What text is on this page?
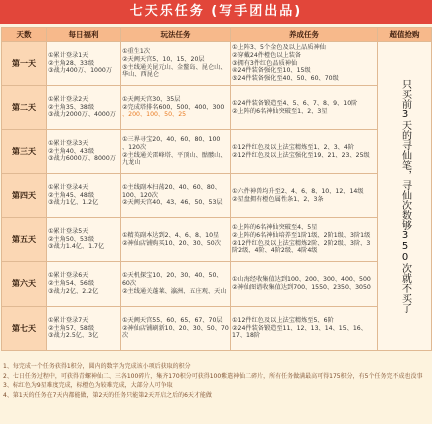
七天乐任务 (写手团出品)
天数	每日福利	玩法任务	养成任务	超值抢购
第一天	①累计登录1天
②主角28、33级
③战力400万、1000万	①重生1次
②天阙天宫5、10、15、20层
⑤主线通关昆元山、金鳌岛、昆仑山、华山、西昆仑	①上阵3、5个金色及以上品质神仙
②穿戴24件橙色以上装备
③拥有3件红色品质神仙
④24件装备强化至10、15级
⑤24件装备强化至40、50、60、70级	只买前3天的寻仙笔，寻仙次数够350次就不买了
第二天	①累计登录2天
②主角35、38级
③战力2000万、4000万	①天阙天宫30、35层
②完成塔排名600、500、400、300
、200、100、50、25	①24件装备锻造至4、5、6、7、8、9、10阶
②上阵的6名神仙突破至1、2、3星	

第三天	①累计登录3天
②主角40、43级
③战力6000万、8000万	①三界寻宝20、40、60、80、100
、120次
②主线通关雷峰塔、平顶山、骷髅山、九龙山	①12件红色及以上法宝精炼至1、2、3、4阶
②12件红色及以上法宝强化至19、21、23、25级	

第四天	①累计登录4天
②主角45、48级
③战力1亿、1.2亿	①主线副本扫荡20、40、60、80、100、120次
②天阙天宫40、43、46、50、53层	①六件神兽均升至2、4、6、8、10、12、14级
②星盘拥有橙色属性条1、2、3条	

第五天	①累计登录5天
②主角50、53级
③战力1.4亿、1.7亿	①精英副本达到2、4、6、8、10星
②神仙店铺购买10、20、30、50次	①上阵的6名神仙突破至4、5星
②上阵的6名神仙培养至1阶1级、2阶1级、3阶1级
②12件红色及以上法宝精炼2阶、2阶2级、3阶、3阶2级、4阶、4阶2级、4阶4级	

第六天	①累计登录6天
②主角54、56级
③战力2亿、2.2亿	①天机探宝10、20、30、40、50、60次
②主线通关蓬莱、瀛洲、五庄观、天山	①山海经收集值达到100、200、300、400、500
②神仙图谱收集值达到700、1550、2350、3050	

第七天	①累计登录7天
②主角57、58级
③战力2.5亿、3亿	①天阙天宫55、60、65、67、70层
②神仙店铺刷新10、20、30、50、70次	①12件红色及以上法宝精炼至5、6阶
②24件装备锻造至11、12、13、14、15、16、17、18阶	
1、每完成一个任务获得1积分，圆内的数字为完成该小项后获取的积分
2、七日任务过程中，可获得青螺神仙二、三各100碎片，集齐170积分可获得100紫遣神仙二碎片，所有任务做满最高可得175积分，有5个任务完不成也没事
3、标红色为9星难度完成，标橙色为较难完成，大部分人可争取
4、第1天的任务在7天内都能做，第2天的任务只能第2天开启之后的6天才能做
